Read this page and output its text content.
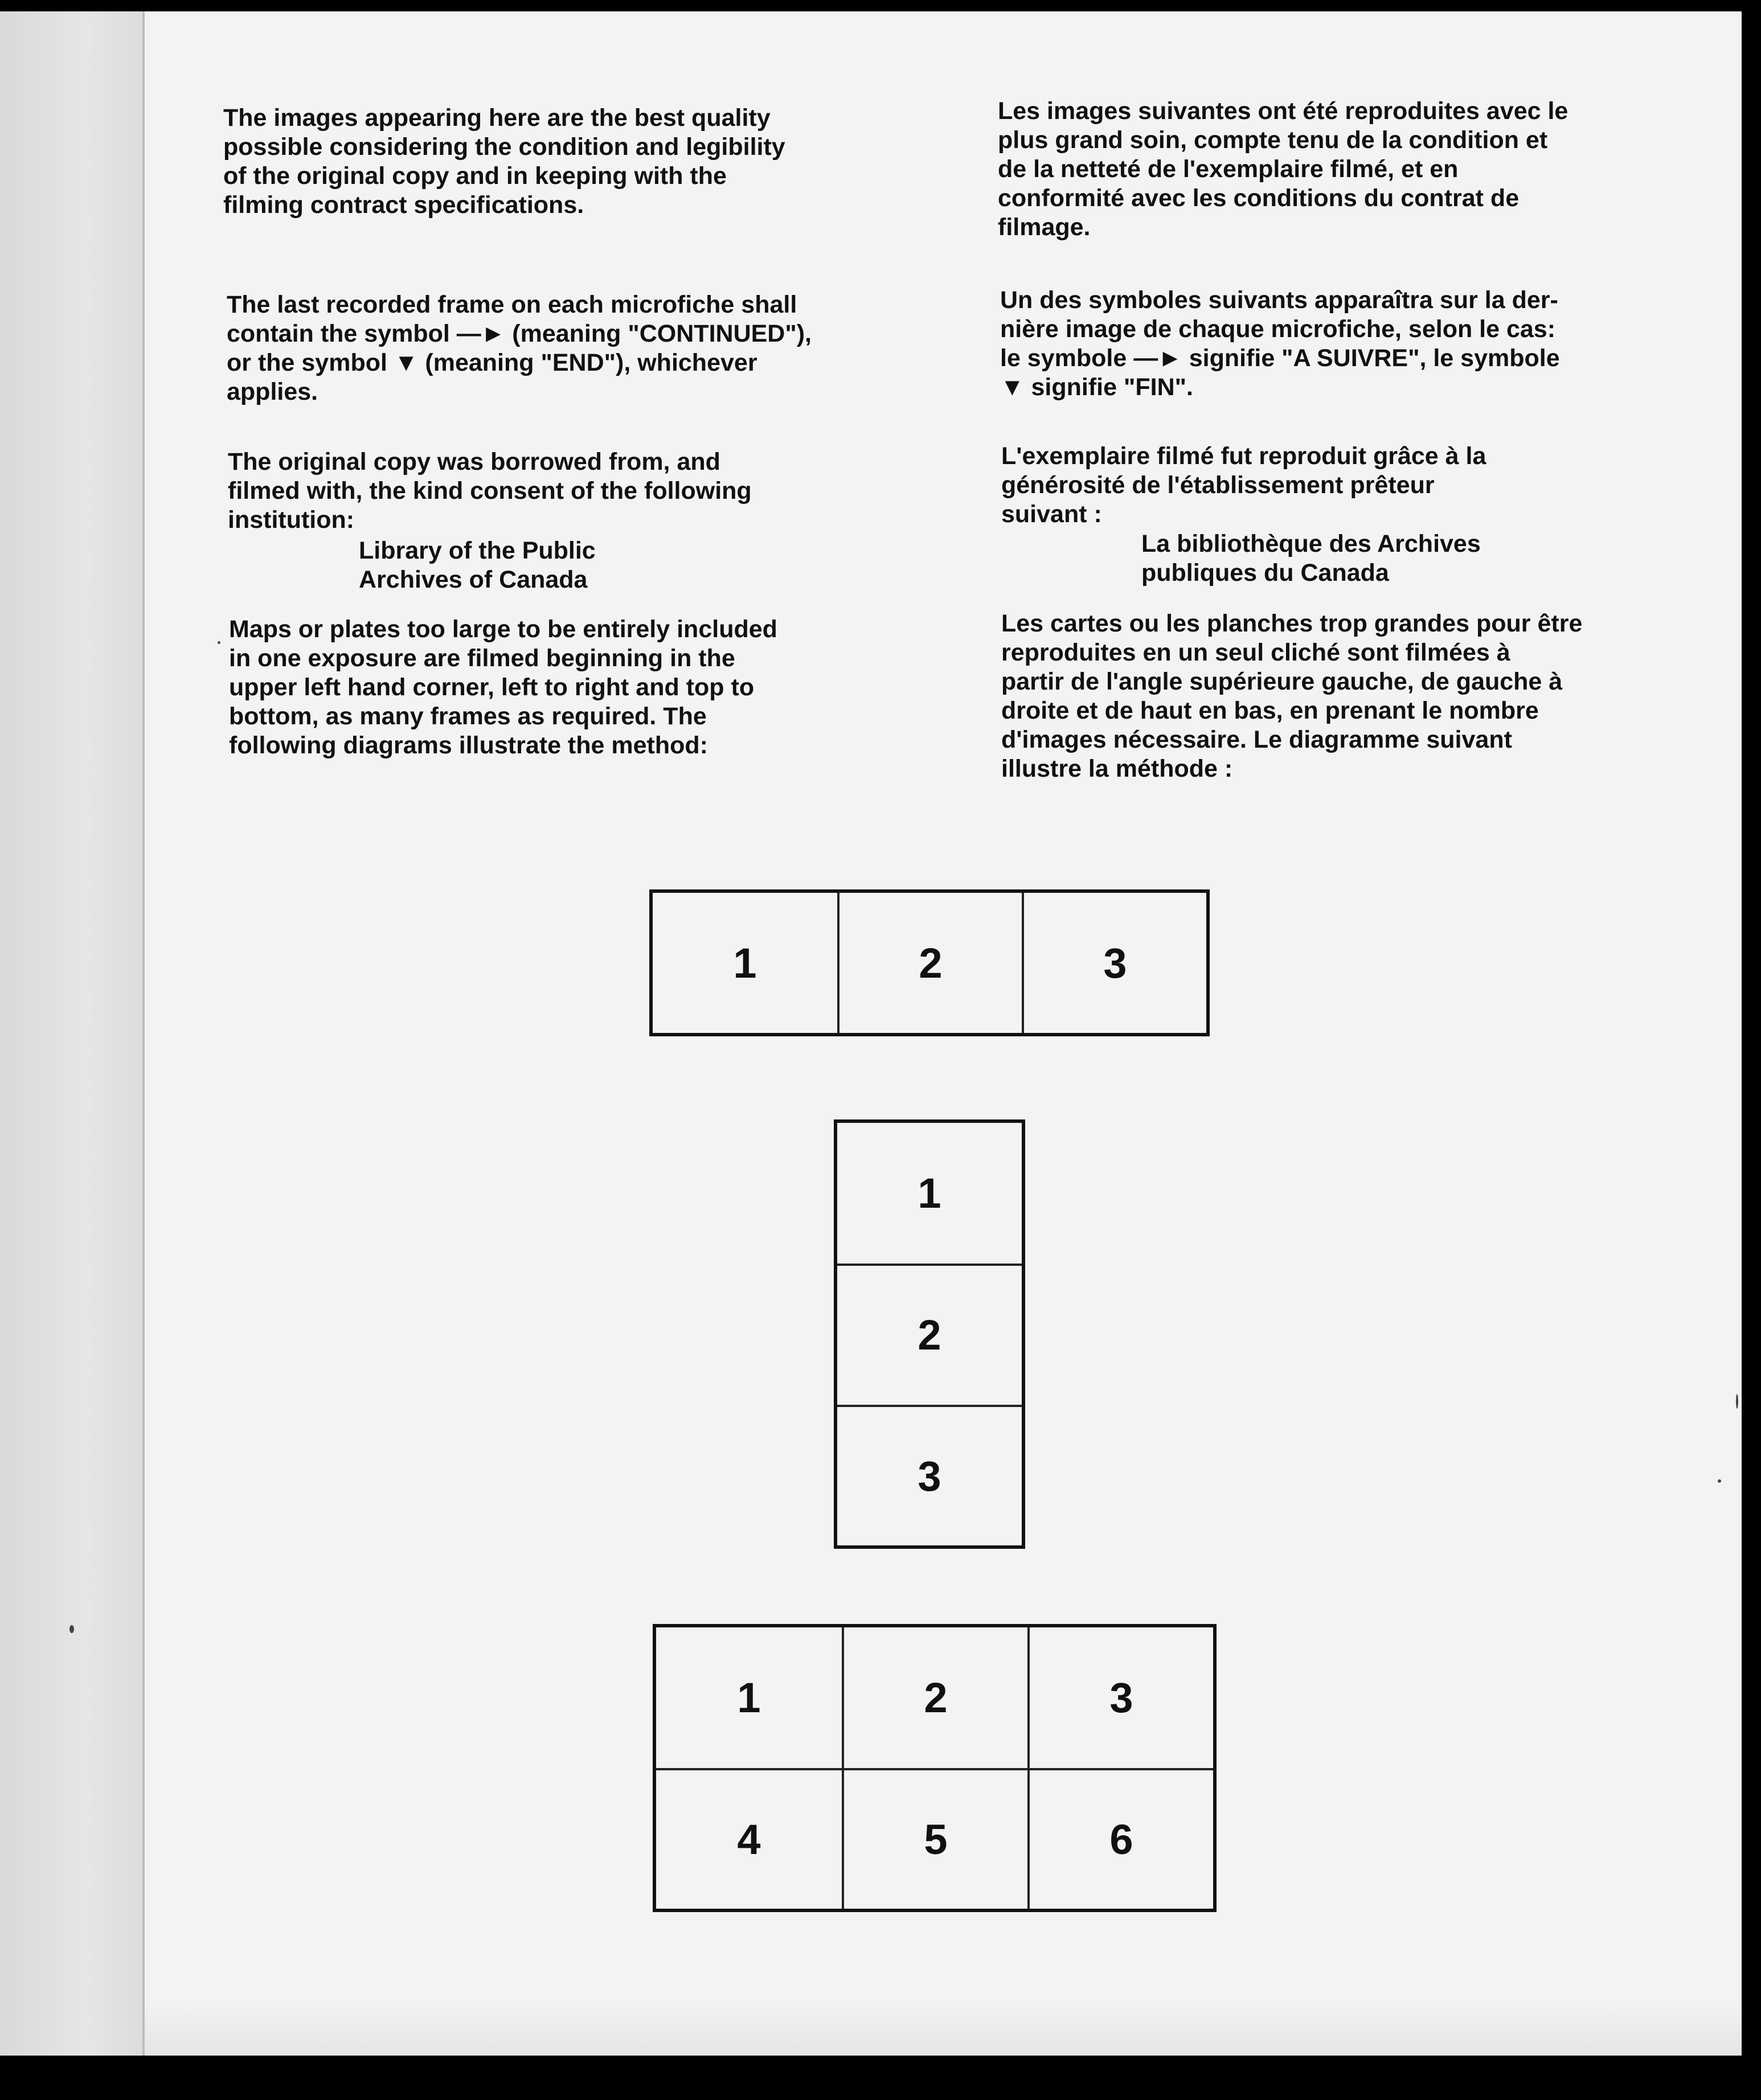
The images appearing here are the best quality
possible considering the condition and legibility
of the original copy and in keeping with the
filming contract specifications.

The last recorded frame on each microfiche shall
contain the symbol —► (meaning "CONTINUED"),
or the symbol ▼ (meaning "END"), whichever
applies.

The original copy was borrowed from, and
filmed with, the kind consent of the following
institution:

Library of the Public

Archives of Canada

Maps or plates too large to be entirely included
in one exposure are filmed beginning in the
upper left hand corner, left to right and top to
bottom, as many frames as required. The
following diagrams illustrate the method:

Les images suivantes ont été reproduites avec le
plus grand soin, compte tenu de la condition et
de la netteté de l'exemplaire filmé, et en
conformité avec les conditions du contrat de
filmage.

Un des symboles suivants apparaîtra sur la der-
nière image de chaque microfiche, selon le cas:
le symbole —► signifie "A SUIVRE", le symbole
▼ signifie "FIN".

L'exemplaire filmé fut reproduit grâce à la
générosité de l'établissement prêteur
suivant :

La bibliothèque des Archives

publiques du Canada

Les cartes ou les planches trop grandes pour être
reproduites en un seul cliché sont filmées à
partir de l'angle supérieure gauche, de gauche à
droite et de haut en bas, en prenant le nombre
d'images nécessaire. Le diagramme suivant
illustre la méthode :

1	2	3
1
2
3
1	2	3
4	5	6
